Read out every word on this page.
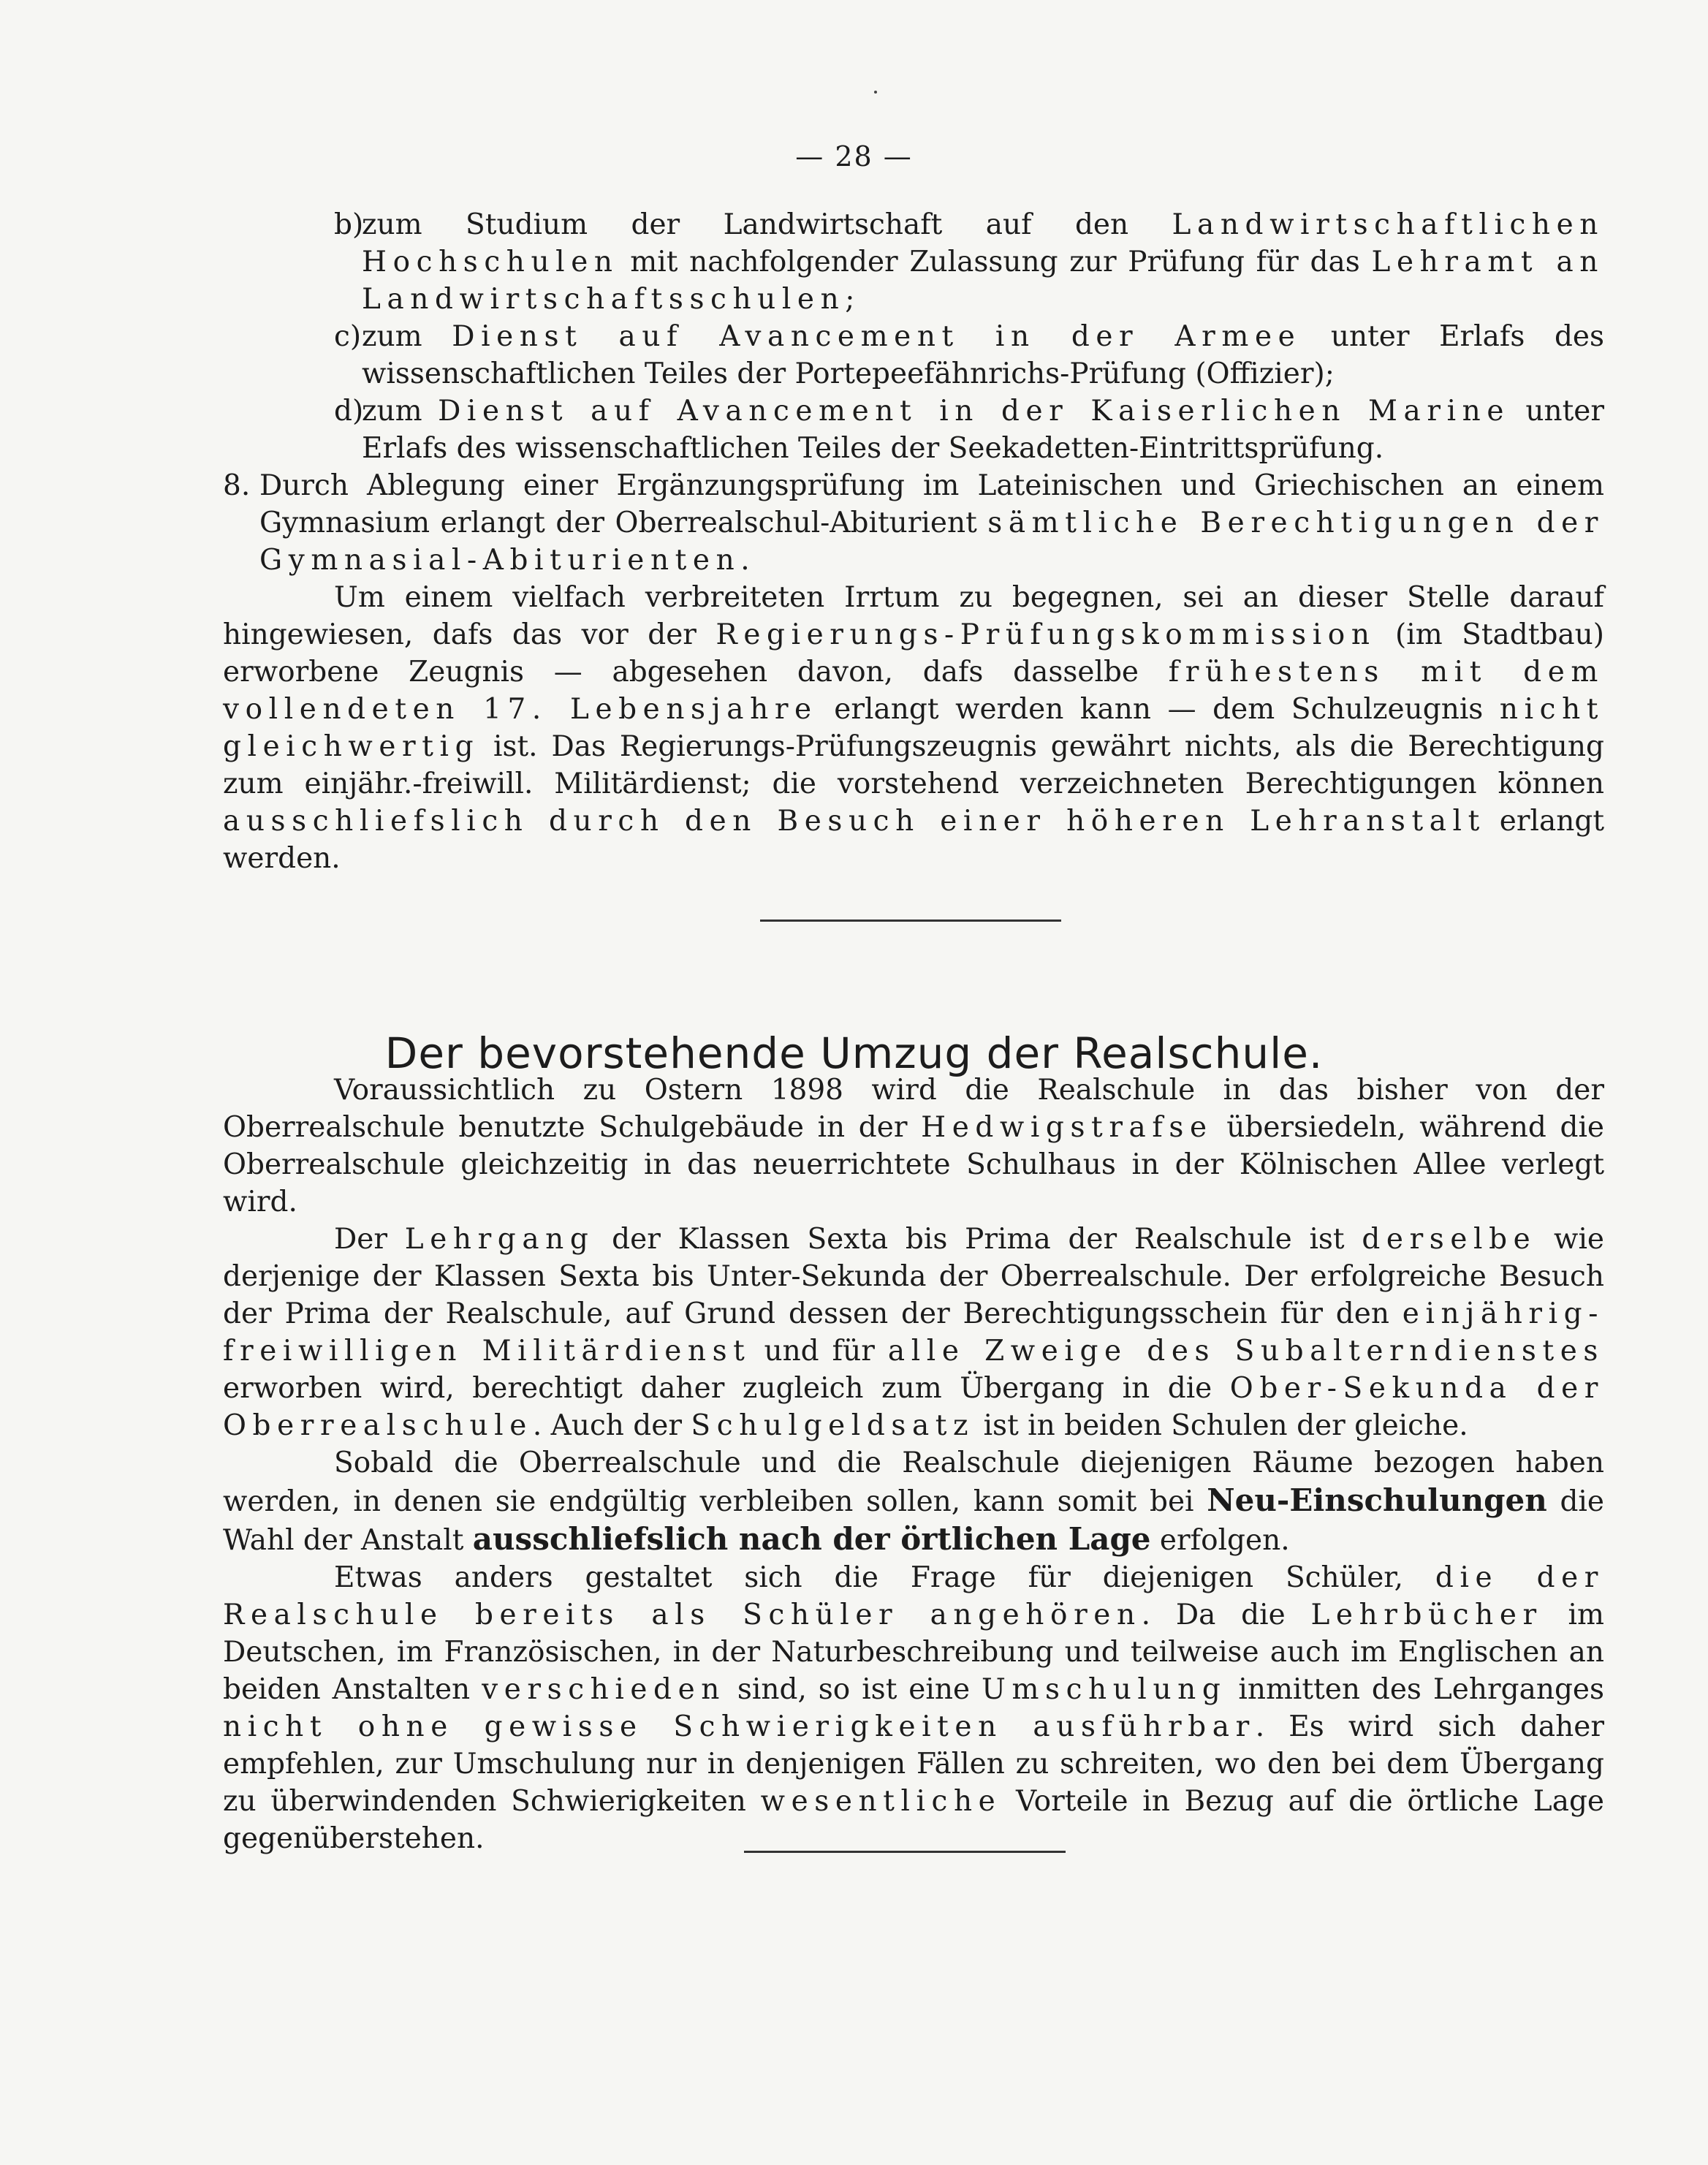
— 28 —
b)
zum Studium der Landwirtschaft auf den Landwirtschaftlichen Hochschulen mit nachfolgender Zulassung zur Prüfung für das Lehramt an Landwirtschaftsschulen;
c) zum Dienst auf Avancement in der Armee unter Erlafs des wissenschaftlichen Teiles der Portepeefähnrichs-Prüfung (Offizier);
d)
zum Dienst auf Avancement in der Kaiserlichen Marine unter Erlafs des wissenschaftlichen Teiles der Seekadetten-Eintrittsprüfung.
8. Durch Ablegung einer Ergänzungsprüfung im Lateinischen und Griechischen an einem Gymnasium erlangt der Oberrealschul-Abiturient sämtliche Berechtigungen der Gymnasial-Abiturienten.

Um einem vielfach verbreiteten Irrtum zu begegnen, sei an dieser Stelle darauf hingewiesen, dafs das vor der Regierungs-Prüfungskommission (im Stadtbau) erworbene Zeugnis — abgesehen davon, dafs dasselbe frühestens mit dem vollendeten 17. Lebensjahre erlangt werden kann — dem Schulzeugnis nicht gleichwertig ist. Das Regierungs-Prüfungszeugnis gewährt nichts, als die Berechtigung zum einjähr.-freiwill. Militärdienst; die vorstehend verzeichneten Berechtigungen können ausschliefslich durch den Besuch einer höheren Lehranstalt erlangt werden.

Der bevorstehende Umzug der Realschule.

Voraussichtlich zu Ostern 1898 wird die Realschule in das bisher von der Oberrealschule benutzte Schulgebäude in der Hedwigstrafse übersiedeln, während die Oberrealschule gleichzeitig in das neuerrichtete Schulhaus in der Kölnischen Allee verlegt wird.

Der Lehrgang der Klassen Sexta bis Prima der Realschule ist derselbe wie derjenige der Klassen Sexta bis Unter-Sekunda der Oberrealschule. Der erfolgreiche Besuch der Prima der Realschule, auf Grund dessen der Berechtigungsschein für den einjährig-freiwilligen Militärdienst und für alle Zweige des Subalterndienstes erworben wird, berechtigt daher zugleich zum Übergang in die Ober-Sekunda der Oberrealschule. Auch der Schulgeldsatz ist in beiden Schulen der gleiche.

Sobald die Oberrealschule und die Realschule diejenigen Räume bezogen haben werden, in denen sie endgültig verbleiben sollen, kann somit bei Neu-Einschulungen die Wahl der Anstalt ausschliefslich nach der örtlichen Lage erfolgen.

Etwas anders gestaltet sich die Frage für diejenigen Schüler, die der Realschule bereits als Schüler angehören. Da die Lehrbücher im Deutschen, im Französischen, in der Naturbeschreibung und teilweise auch im Englischen an beiden Anstalten verschieden sind, so ist eine Umschulung inmitten des Lehrganges nicht ohne gewisse Schwierigkeiten ausführbar. Es wird sich daher empfehlen, zur Umschulung nur in denjenigen Fällen zu schreiten, wo den bei dem Übergang zu überwindenden Schwierigkeiten wesentliche Vorteile in Bezug auf die örtliche Lage gegenüberstehen.
